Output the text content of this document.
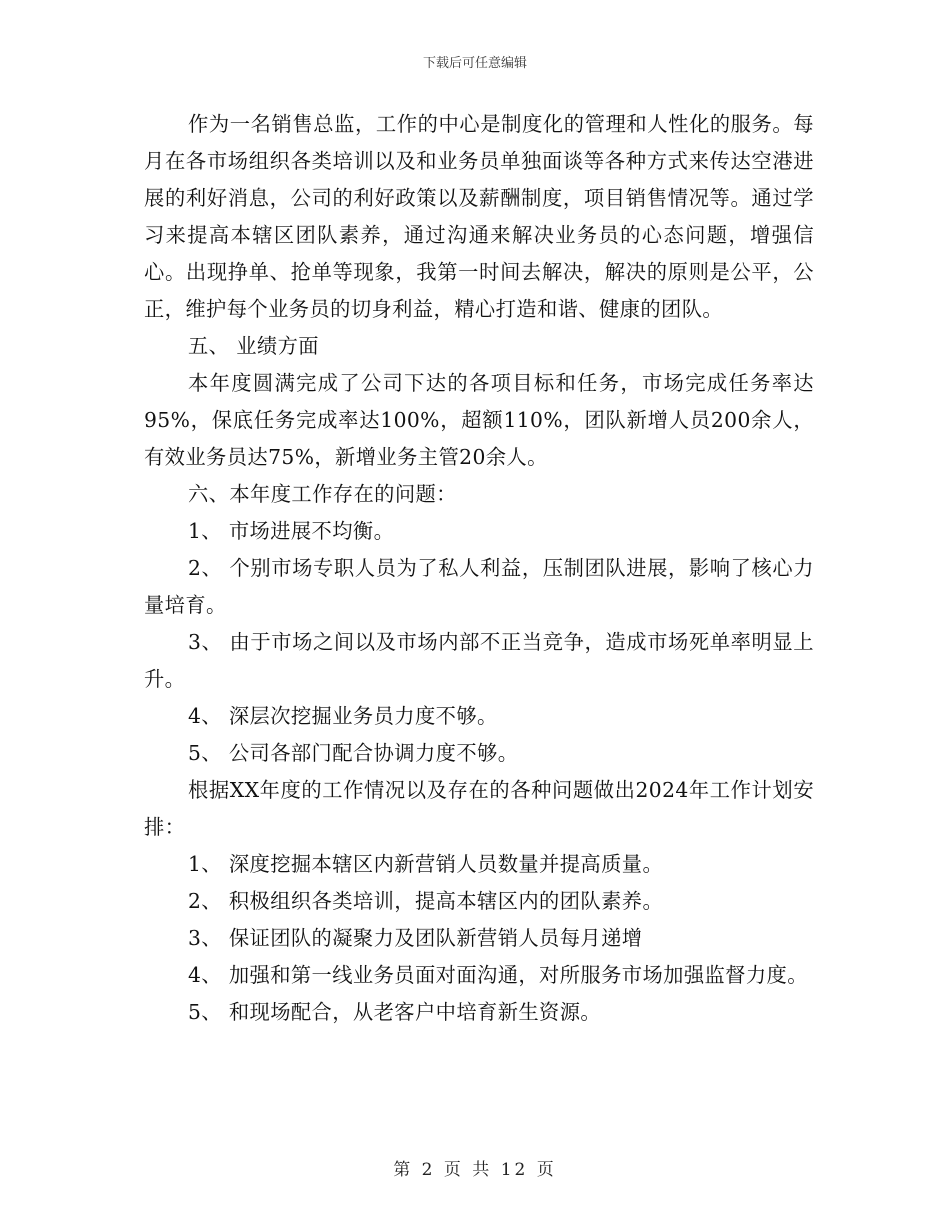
下载后可任意编辑

作为一名销售总监，工作的中心是制度化的管理和人性化的服务。每月在各市场组织各类培训以及和业务员单独面谈等各种方式来传达空港进展的利好消息，公司的利好政策以及薪酬制度，项目销售情况等。通过学习来提高本辖区团队素养，通过沟通来解决业务员的心态问题，增强信心。出现挣单、抢单等现象，我第一时间去解决，解决的原则是公平，公正，维护每个业务员的切身利益，精心打造和谐、健康的团队。

五、 业绩方面

本年度圆满完成了公司下达的各项目标和任务，市场完成任务率达95%，保底任务完成率达100%，超额110%，团队新增人员200余人，有效业务员达75%，新增业务主管20余人。

六、本年度工作存在的问题：

1、 市场进展不均衡。

2、 个别市场专职人员为了私人利益，压制团队进展，影响了核心力量培育。

3、 由于市场之间以及市场内部不正当竞争，造成市场死单率明显上升。

4、 深层次挖掘业务员力度不够。

5、 公司各部门配合协调力度不够。

根据XX年度的工作情况以及存在的各种问题做出2024年工作计划安排：

1、 深度挖掘本辖区内新营销人员数量并提高质量。

2、 积极组织各类培训，提高本辖区内的团队素养。

3、 保证团队的凝聚力及团队新营销人员每月递增

4、 加强和第一线业务员面对面沟通，对所服务市场加强监督力度。

5、 和现场配合，从老客户中培育新生资源。

第 2 页 共 12 页
